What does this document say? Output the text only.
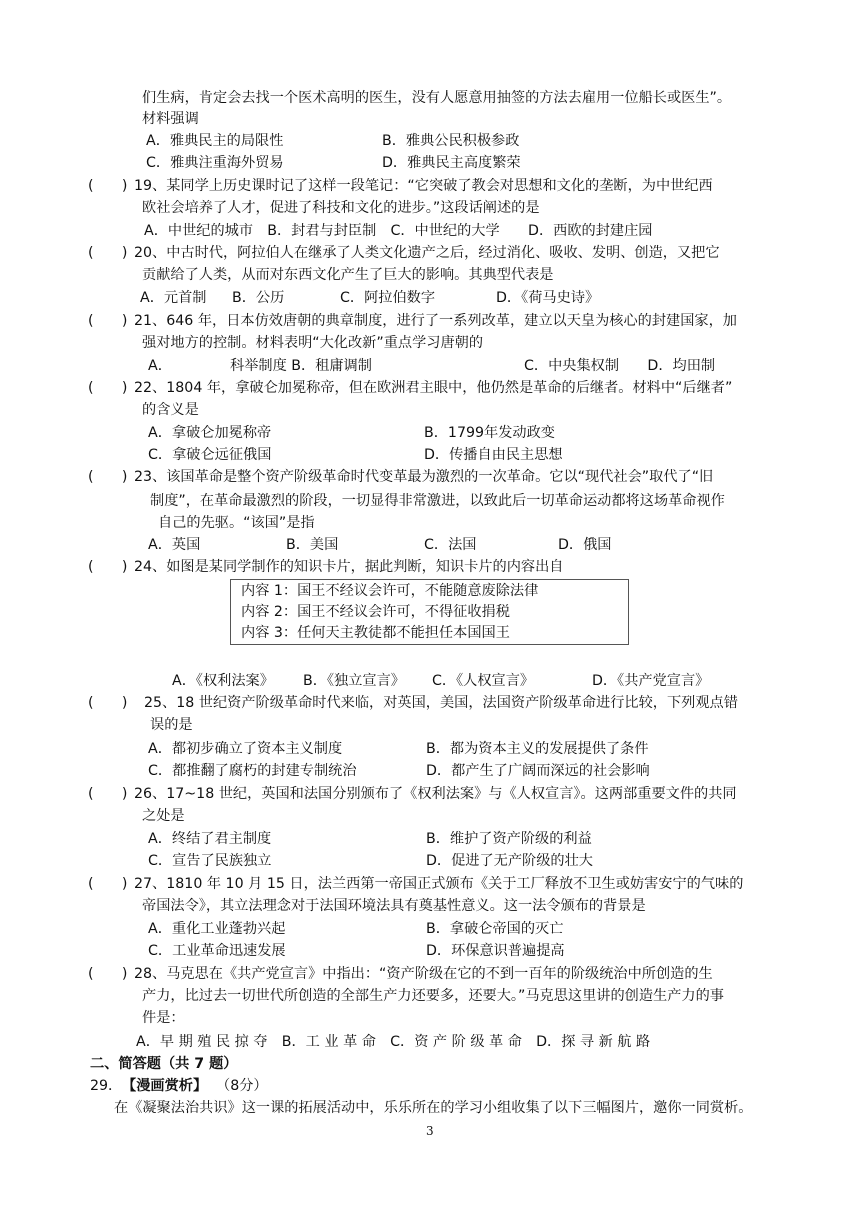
们生病，肯定会去找一个医术高明的医生，没有人愿意用抽签的方法去雇用一位船长或医生”。
材料强调
A．雅典民主的局限性	B．雅典公民积极参政
C．雅典注重海外贸易	D．雅典民主高度繁荣
(　　) 19、某同学上历史课时记了这样一段笔记：“它突破了教会对思想和文化的垄断，为中世纪西
欧社会培养了人才，促进了科技和文化的进步。”这段话阐述的是
A．中世纪的城市　B．封君与封臣制　C．中世纪的大学　　D．西欧的封建庄园
(　　) 20、中古时代，阿拉伯人在继承了人类文化遗产之后，经过消化、吸收、发明、创造，又把它
贡献给了人类，从而对东西文化产生了巨大的影响。其典型代表是
A．元首制 B．公历	C．阿拉伯数字	D．《荷马史诗》
(　　) 21、646 年，日本仿效唐朝的典章制度，进行了一系列改革，建立以天皇为核心的封建国家，加
强对地方的控制。材料表明“大化改新”重点学习唐朝的
A．	科举制度 B．租庸调制	C．中央集权制　　D．均田制
(　　) 22、1804 年，拿破仑加冕称帝，但在欧洲君主眼中，他仍然是革命的后继者。材料中“后继者”
的含义是
A．拿破仑加冕称帝	B．1799年发动政变
C．拿破仑远征俄国	D．传播自由民主思想
(　　) 23、该国革命是整个资产阶级革命时代变革最为激烈的一次革命。它以“现代社会”取代了“旧
制度”，在革命最激烈的阶段，一切显得非常激进，以致此后一切革命运动都将这场革命视作
自己的先驱。“该国”是指
A．英国	B．美国	C．法国	D．俄国
(　　) 24、如图是某同学制作的知识卡片，据此判断，知识卡片的内容出自
内容 1：国王不经议会许可，不能随意废除法律
内容 2：国王不经议会许可，不得征收捐税
内容 3：任何天主教徒都不能担任本国国王
A．《权利法案》 B．《独立宣言》 C．《人权宣言》	D．《共产党宣言》
(　　) 25、18 世纪资产阶级革命时代来临，对英国，美国，法国资产阶级革命进行比较，下列观点错
误的是
A．都初步确立了资本主义制度	B．都为资本主义的发展提供了条件
C．都推翻了腐朽的封建专制统治	D．都产生了广阔而深远的社会影响
(　　) 26、17~18 世纪，英国和法国分别颁布了《权利法案》与《人权宣言》。这两部重要文件的共同
之处是
A．终结了君主制度	B．维护了资产阶级的利益
C．宣告了民族独立	D．促进了无产阶级的壮大
(　　) 27、1810 年 10 月 15 日，法兰西第一帝国正式颁布《关于工厂释放不卫生或妨害安宁的气味的
帝国法令》，其立法理念对于法国环境法具有奠基性意义。这一法令颁布的背景是
A．重化工业蓬勃兴起	B．拿破仑帝国的灭亡
C．工业革命迅速发展	D．环保意识普遍提高
(　　) 28、马克思在《共产党宣言》中指出：“资产阶级在它的不到一百年的阶级统治中所创造的生
产力，比过去一切世代所创造的全部生产力还要多，还要大。”马克思这里讲的创造生产力的事
件是：
A．早 期 殖 民 掠 夺　B．工 业 革 命　C．资 产 阶 级 革 命　D．探 寻 新 航 路
二、简答题（共 7 题）
29． 【漫画赏析】 （8分）
在《凝聚法治共识》这一课的拓展活动中，乐乐所在的学习小组收集了以下三幅图片，邀你一同赏析。
3
